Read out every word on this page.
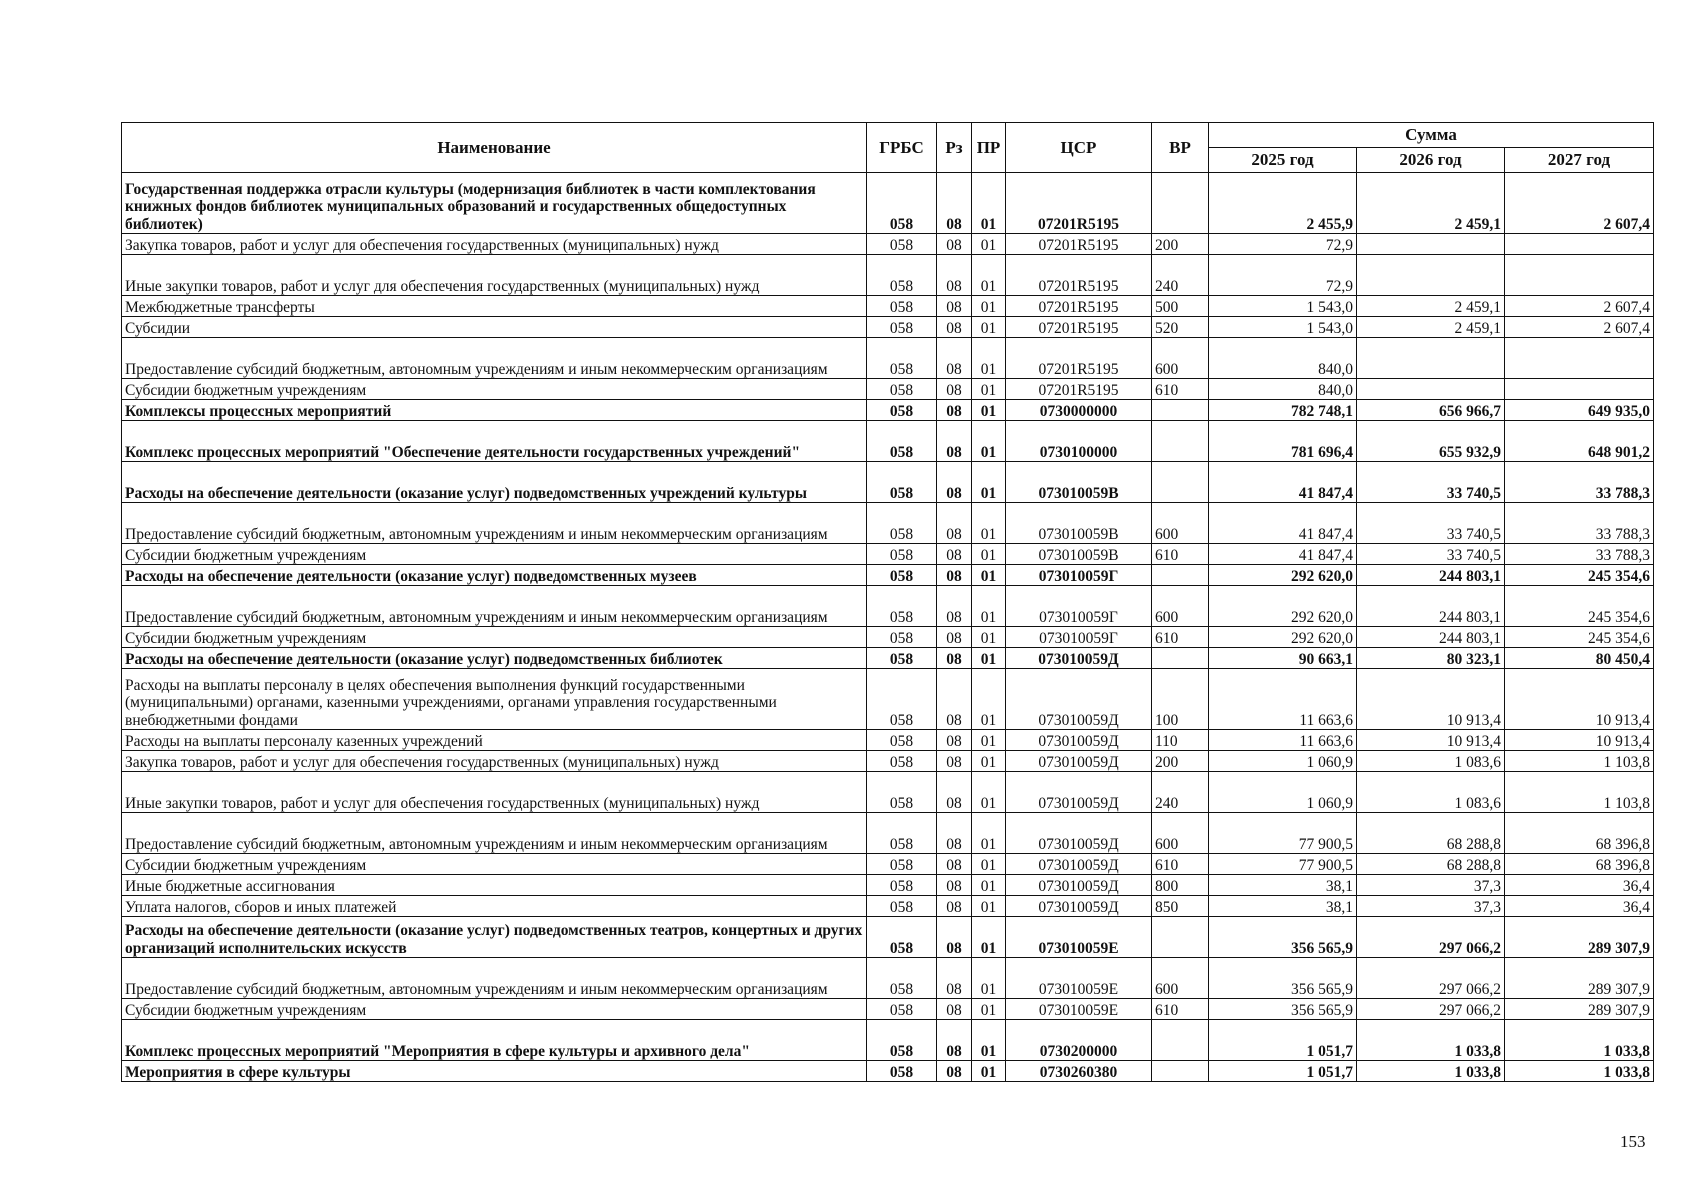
Наименование	ГРБС	Рз	ПР	ЦСР	ВР	Сумма		
						2025 год	2026 год	2027 год
Государственная поддержка отрасли культуры (модернизация библиотек в части комплектования книжных фондов библиотек муниципальных образований и государственных общедоступных библиотек)	058	08	01	07201R5195		2 455,9	2 459,1	2 607,4
Закупка товаров, работ и услуг для обеспечения государственных (муниципальных) нужд	058	08	01	07201R5195	200	72,9		
Иные закупки товаров, работ и услуг для обеспечения государственных (муниципальных) нужд	058	08	01	07201R5195	240	72,9		
Межбюджетные трансферты	058	08	01	07201R5195	500	1 543,0	2 459,1	2 607,4
Субсидии	058	08	01	07201R5195	520	1 543,0	2 459,1	2 607,4
Предоставление субсидий бюджетным, автономным учреждениям и иным некоммерческим организациям	058	08	01	07201R5195	600	840,0		
Субсидии бюджетным учреждениям	058	08	01	07201R5195	610	840,0		
Комплексы процессных мероприятий	058	08	01	0730000000		782 748,1	656 966,7	649 935,0
Комплекс процессных мероприятий "Обеспечение деятельности государственных учреждений"	058	08	01	0730100000		781 696,4	655 932,9	648 901,2
Расходы на обеспечение деятельности (оказание услуг) подведомственных учреждений культуры	058	08	01	073010059В		41 847,4	33 740,5	33 788,3
Предоставление субсидий бюджетным, автономным учреждениям и иным некоммерческим организациям	058	08	01	073010059В	600	41 847,4	33 740,5	33 788,3
Субсидии бюджетным учреждениям	058	08	01	073010059В	610	41 847,4	33 740,5	33 788,3
Расходы на обеспечение деятельности (оказание услуг) подведомственных музеев	058	08	01	073010059Г		292 620,0	244 803,1	245 354,6
Предоставление субсидий бюджетным, автономным учреждениям и иным некоммерческим организациям	058	08	01	073010059Г	600	292 620,0	244 803,1	245 354,6
Субсидии бюджетным учреждениям	058	08	01	073010059Г	610	292 620,0	244 803,1	245 354,6
Расходы на обеспечение деятельности (оказание услуг) подведомственных библиотек	058	08	01	073010059Д		90 663,1	80 323,1	80 450,4
Расходы на выплаты персоналу в целях обеспечения выполнения функций государственными (муниципальными) органами, казенными учреждениями, органами управления государственными внебюджетными фондами	058	08	01	073010059Д	100	11 663,6	10 913,4	10 913,4
Расходы на выплаты персоналу казенных учреждений	058	08	01	073010059Д	110	11 663,6	10 913,4	10 913,4
Закупка товаров, работ и услуг для обеспечения государственных (муниципальных) нужд	058	08	01	073010059Д	200	1 060,9	1 083,6	1 103,8
Иные закупки товаров, работ и услуг для обеспечения государственных (муниципальных) нужд	058	08	01	073010059Д	240	1 060,9	1 083,6	1 103,8
Предоставление субсидий бюджетным, автономным учреждениям и иным некоммерческим организациям	058	08	01	073010059Д	600	77 900,5	68 288,8	68 396,8
Субсидии бюджетным учреждениям	058	08	01	073010059Д	610	77 900,5	68 288,8	68 396,8
Иные бюджетные ассигнования	058	08	01	073010059Д	800	38,1	37,3	36,4
Уплата налогов, сборов и иных платежей	058	08	01	073010059Д	850	38,1	37,3	36,4
Расходы на обеспечение деятельности (оказание услуг) подведомственных театров, концертных и других организаций исполнительских искусств	058	08	01	073010059Е		356 565,9	297 066,2	289 307,9
Предоставление субсидий бюджетным, автономным учреждениям и иным некоммерческим организациям	058	08	01	073010059Е	600	356 565,9	297 066,2	289 307,9
Субсидии бюджетным учреждениям	058	08	01	073010059Е	610	356 565,9	297 066,2	289 307,9
Комплекс процессных мероприятий "Мероприятия в сфере культуры и архивного дела"	058	08	01	0730200000		1 051,7	1 033,8	1 033,8
Мероприятия в сфере культуры	058	08	01	0730260380		1 051,7	1 033,8	1 033,8
153
